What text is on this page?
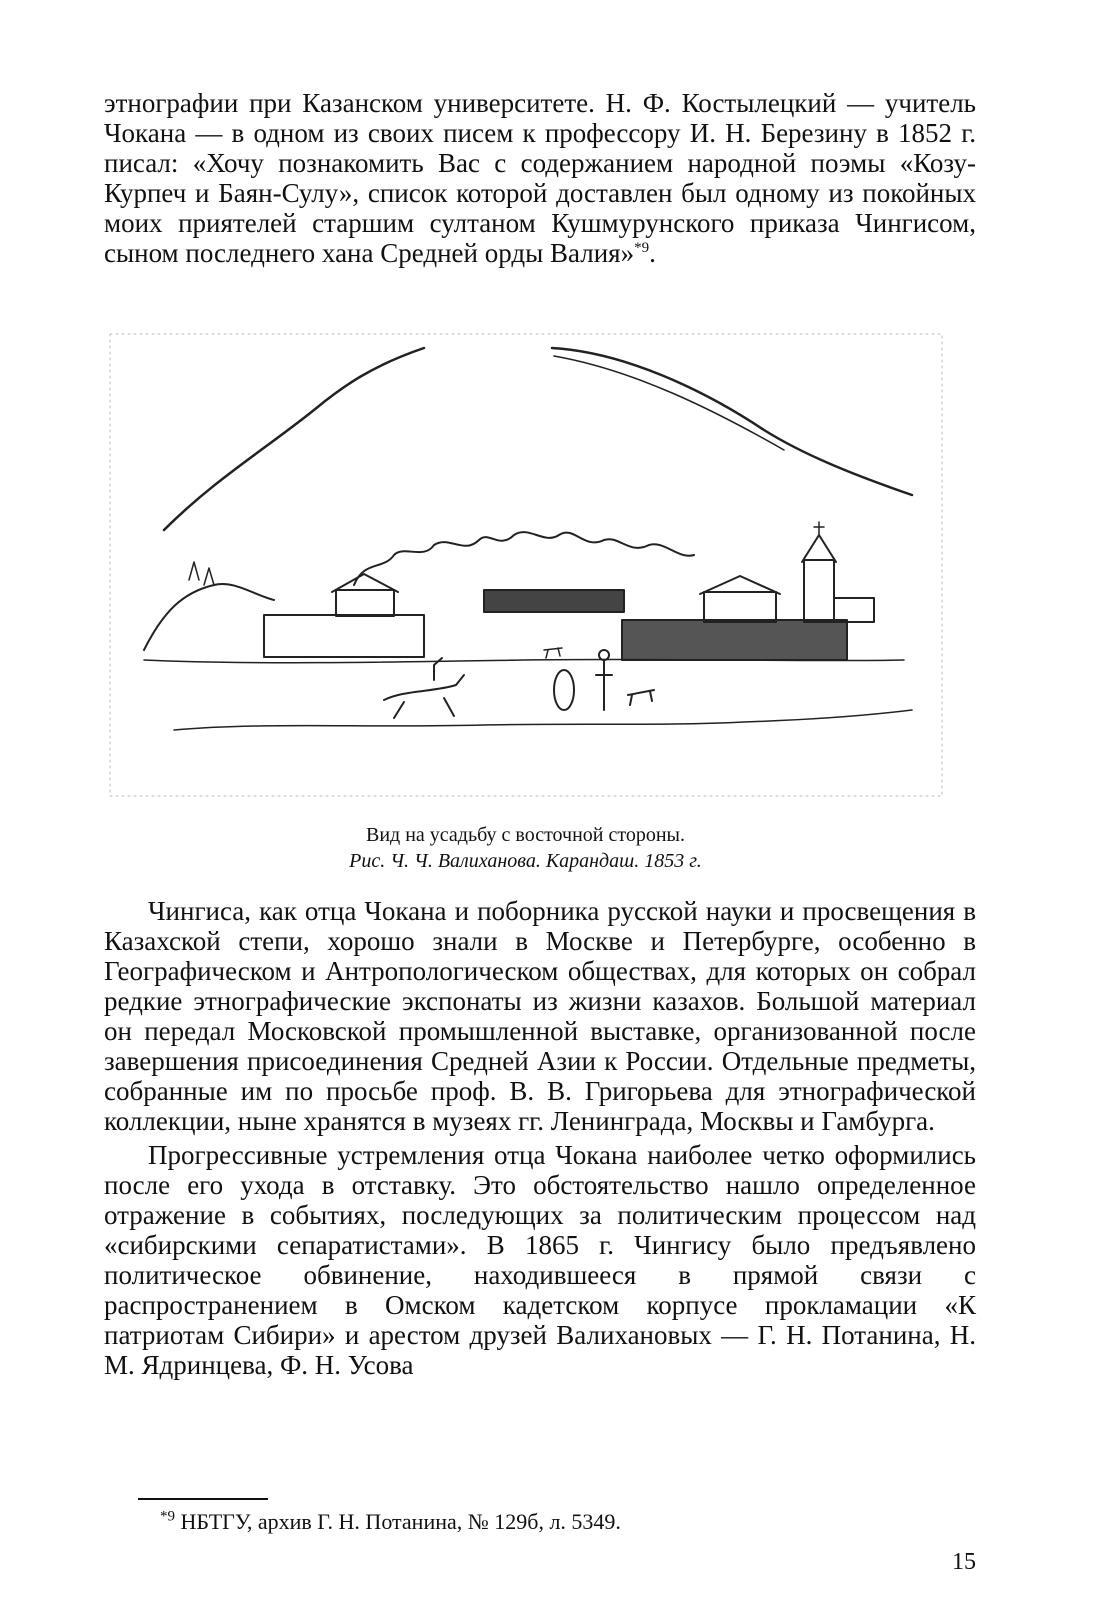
этнографии при Казанском университете. Н. Ф. Костылецкий — учитель Чокана — в одном из своих писем к профессору И. Н. Березину в 1852 г. писал: «Хочу познакомить Вас с содержанием народной поэмы «Козу-Курпеч и Баян-Сулу», список которой доставлен был одному из покойных моих приятелей старшим султаном Кушмурунского приказа Чингисом, сыном последнего хана Средней орды Валия»$^{*9}$.

Вид на усадьбу с восточной стороны.
Рис. Ч. Ч. Валиханова. Карандаш. 1853 г.

Чингиса, как отца Чокана и поборника русской науки и просвещения в Казахской степи, хорошо знали в Москве и Петербурге, особенно в Географическом и Антропологическом обществах, для которых он собрал редкие этнографические экспонаты из жизни казахов. Большой материал он передал Московской промышленной выставке, организованной после завершения присоединения Средней Азии к России. Отдельные предметы, собранные им по просьбе проф. В. В. Григорьева для этнографической коллекции, ныне хранятся в музеях гг. Ленинграда, Москвы и Гамбурга.

Прогрессивные устремления отца Чокана наиболее четко оформились после его ухода в отставку. Это обстоятельство нашло определенное отражение в событиях, последующих за политическим процессом над «сибирскими сепаратистами». В 1865 г. Чингису было предъявлено политическое обвинение, находившееся в прямой связи с распространением в Омском кадетском корпусе прокламации «К патриотам Сибири» и арестом друзей Валихановых — Г. Н. Потанина, Н. М. Ядринцева, Ф. Н. Усова

$^{*9}$ НБТГУ, архив Г. Н. Потанина, № 129б, л. 5349.
15
